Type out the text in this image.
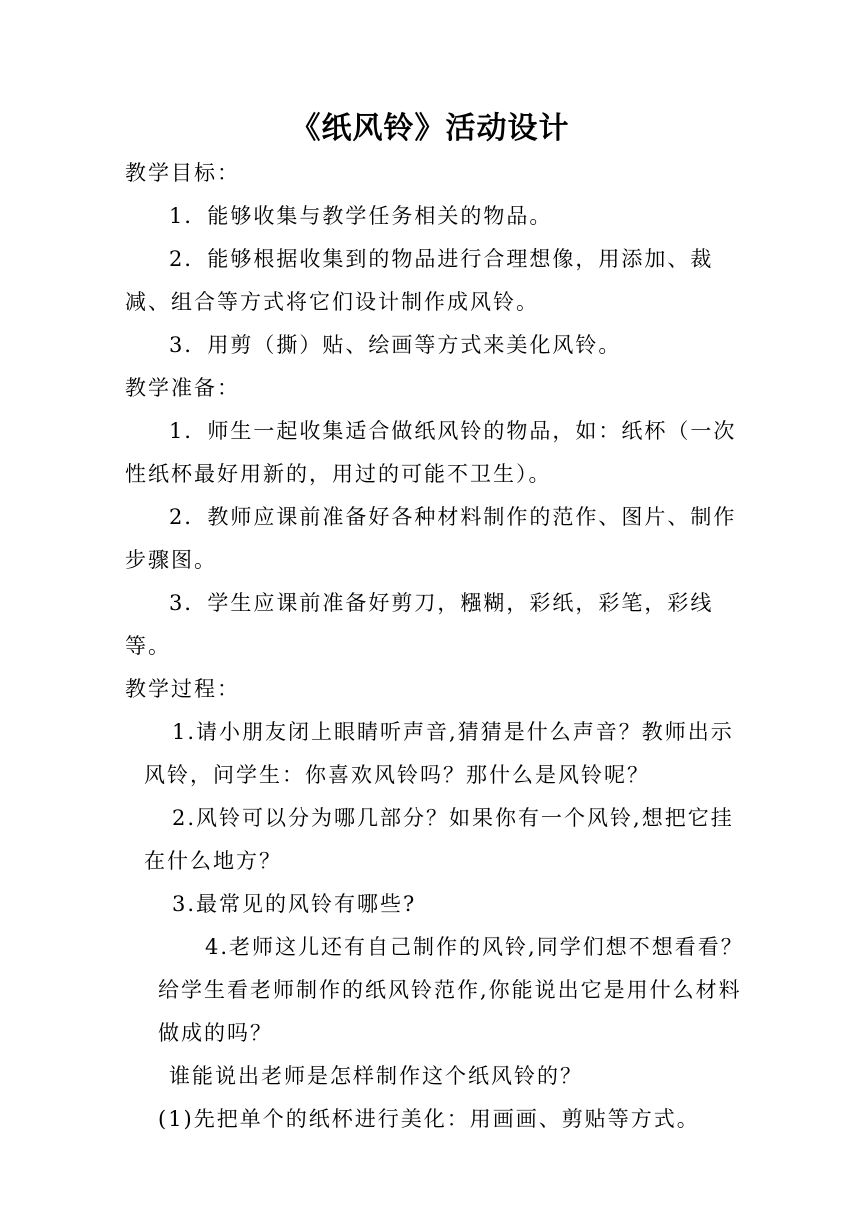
《纸风铃》活动设计

教学目标：

1．能够收集与教学任务相关的物品。

2．能够根据收集到的物品进行合理想像，用添加、裁减、组合等方式将它们设计制作成风铃。

3．用剪（撕）贴、绘画等方式来美化风铃。

教学准备：

1．师生一起收集适合做纸风铃的物品，如：纸杯（一次性纸杯最好用新的，用过的可能不卫生）。

2．教师应课前准备好各种材料制作的范作、图片、制作步骤图。

3．学生应课前准备好剪刀，糨糊，彩纸，彩笔，彩线等。

教学过程：

1.请小朋友闭上眼睛听声音,猜猜是什么声音？教师出示
风铃，问学生：你喜欢风铃吗？那什么是风铃呢？

2.风铃可以分为哪几部分？如果你有一个风铃,想把它挂
在什么地方？

3.最常见的风铃有哪些?

4.老师这儿还有自己制作的风铃,同学们想不想看看？给学生看老师制作的纸风铃范作,你能说出它是用什么材料做成的吗？

谁能说出老师是怎样制作这个纸风铃的？

(1)先把单个的纸杯进行美化：用画画、剪贴等方式。
